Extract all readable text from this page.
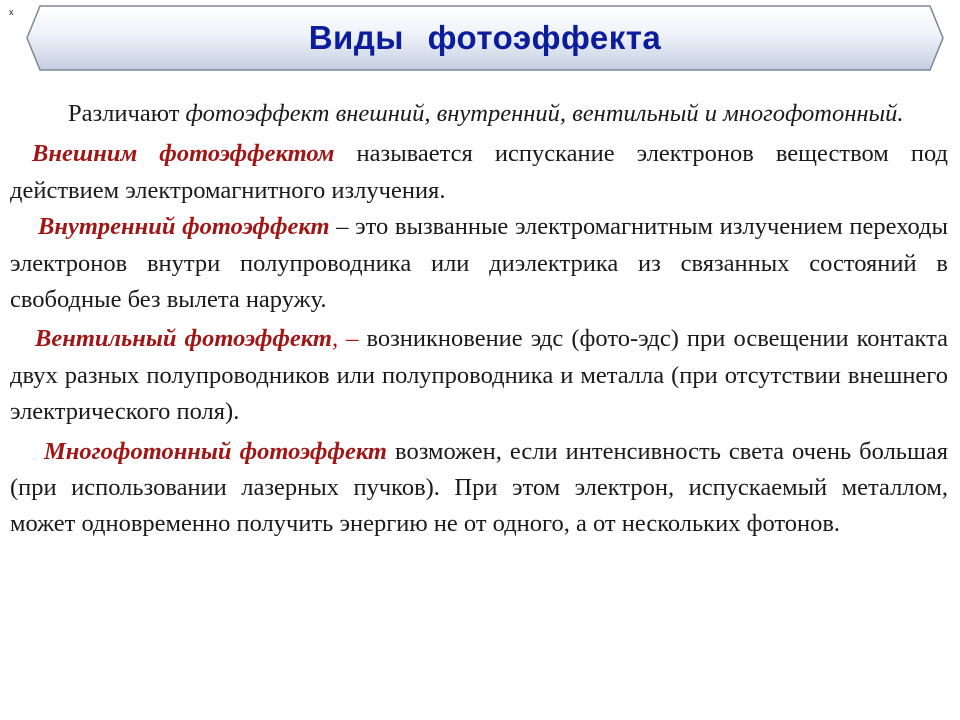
x
Виды фотоэффекта

Различают фотоэффект внешний, внутренний, вентильный и многофотонный.

Внешним фотоэффектом называется испускание электронов веществом под действием электромагнитного излучения.

Внутренний фотоэффект – это вызванные электромагнитным излучением переходы электронов внутри полупроводника или диэлектрика из связанных состояний в свободные без вылета наружу.

Вентильный фотоэффект, – возникновение эдс (фото-эдс) при освещении контакта двух разных полупроводников или полупроводника и металла (при отсутствии внешнего электрического поля).

Многофотонный фотоэффект возможен, если интенсивность света очень большая (при использовании лазерных пучков). При этом электрон, испускаемый металлом, может одновременно получить энергию не от одного, а от нескольких фотонов.
